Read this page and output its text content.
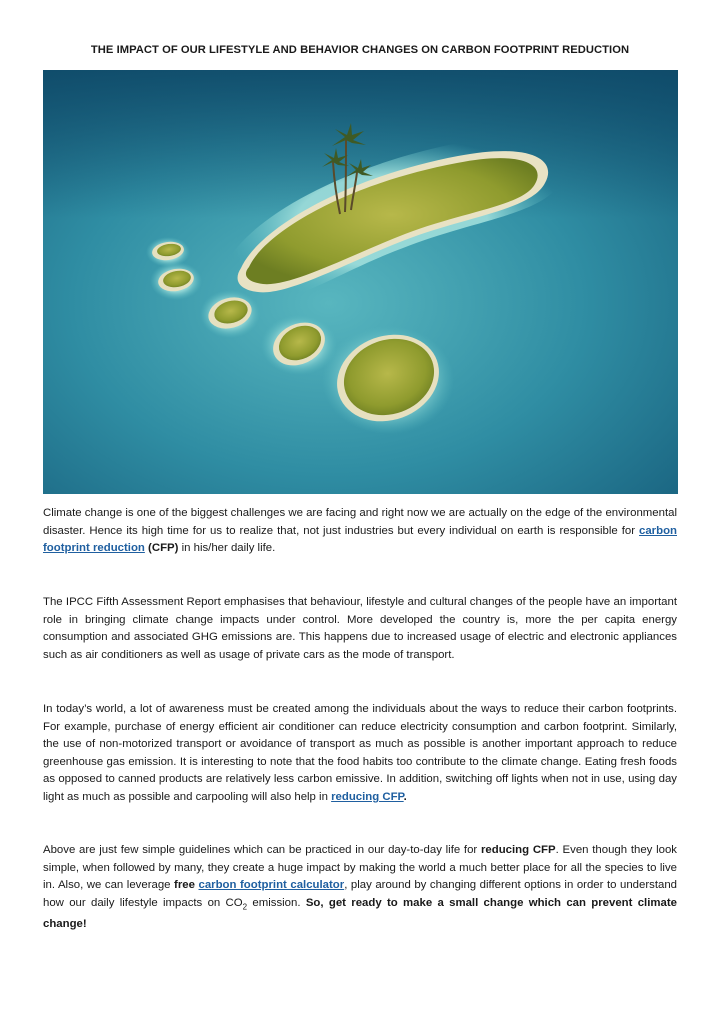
THE IMPACT OF OUR LIFESTYLE AND BEHAVIOR CHANGES ON CARBON FOOTPRINT REDUCTION
Climate change is one of the biggest challenges we are facing and right now we are actually on the edge of the environmental disaster. Hence its high time for us to realize that, not just industries but every individual on earth is responsible for carbon footprint reduction (CFP) in his/her daily life.
The IPCC Fifth Assessment Report emphasises that behaviour, lifestyle and cultural changes of the people have an important role in bringing climate change impacts under control. More developed the country is, more the per capita energy consumption and associated GHG emissions are. This happens due to increased usage of electric and electronic appliances such as air conditioners as well as usage of private cars as the mode of transport.
In today’s world, a lot of awareness must be created among the individuals about the ways to reduce their carbon footprints. For example, purchase of energy efficient air conditioner can reduce electricity consumption and carbon footprint. Similarly, the use of non-motorized transport or avoidance of transport as much as possible is another important approach to reduce greenhouse gas emission. It is interesting to note that the food habits too contribute to the climate change. Eating fresh foods as opposed to canned products are relatively less carbon emissive. In addition, switching off lights when not in use, using day light as much as possible and carpooling will also help in reducing CFP.
Above are just few simple guidelines which can be practiced in our day-to-day life for reducing CFP. Even though they look simple, when followed by many, they create a huge impact by making the world a much better place for all the species to live in. Also, we can leverage free carbon footprint calculator, play around by changing different options in order to understand how our daily lifestyle impacts on $CO_2$ emission. So, get ready to make a small change which can prevent climate change!
